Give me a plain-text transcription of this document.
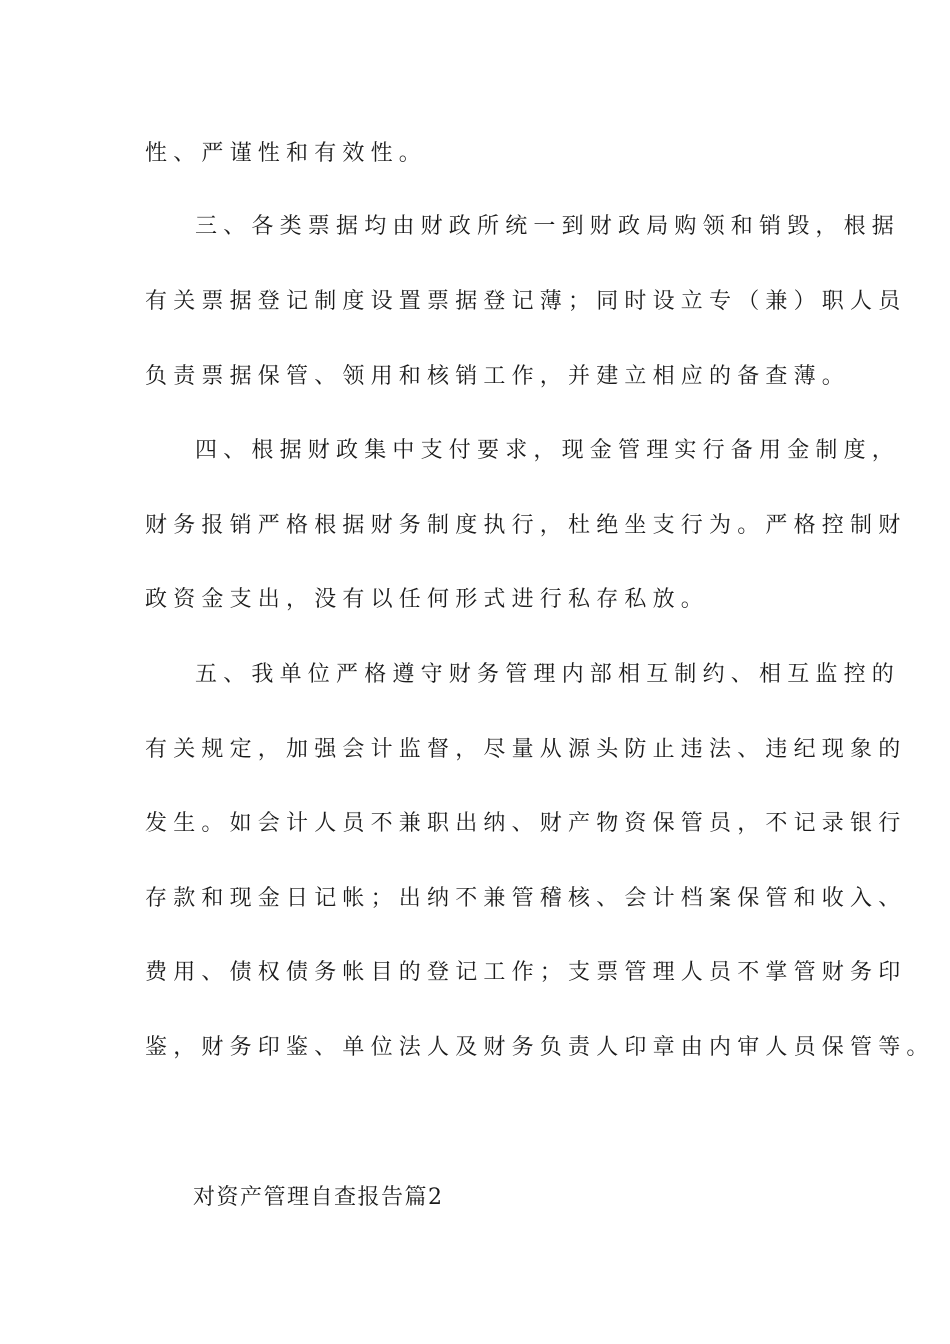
性、严谨性和有效性。
三、各类票据均由财政所统一到财政局购领和销毁，根据
有关票据登记制度设置票据登记薄；同时设立专（兼）职人员
负责票据保管、领用和核销工作，并建立相应的备查薄。
四、根据财政集中支付要求，现金管理实行备用金制度，
财务报销严格根据财务制度执行，杜绝坐支行为。严格控制财
政资金支出，没有以任何形式进行私存私放。
五、我单位严格遵守财务管理内部相互制约、相互监控的
有关规定，加强会计监督，尽量从源头防止违法、违纪现象的
发生。如会计人员不兼职出纳、财产物资保管员，不记录银行
存款和现金日记帐；出纳不兼管稽核、会计档案保管和收入、
费用、债权债务帐目的登记工作；支票管理人员不掌管财务印
鉴，财务印鉴、单位法人及财务负责人印章由内审人员保管等。
对资产管理自查报告篇2
